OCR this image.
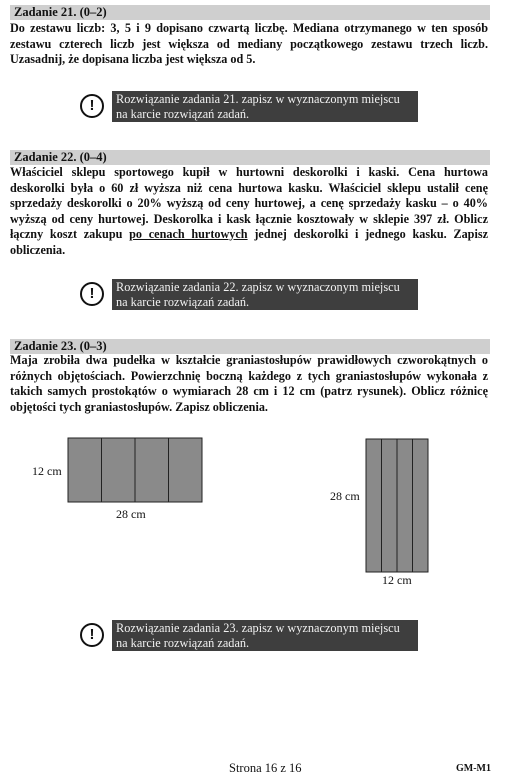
Zadanie 21. (0–2)
Do zestawu liczb: 3, 5 i 9 dopisano czwartą liczbę. Mediana otrzymanego w ten sposób zestawu czterech liczb jest większa od mediany początkowego zestawu trzech liczb. Uzasadnij, że dopisana liczba jest większa od 5.
!	Rozwiązanie zadania 21. zapisz w wyznaczonym miejscu
na karcie rozwiązań zadań.
Zadanie 22. (0–4)
Właściciel sklepu sportowego kupił w hurtowni deskorolki i kaski. Cena hurtowa deskorolki była o 60 zł wyższa niż cena hurtowa kasku. Właściciel sklepu ustalił cenę sprzedaży deskorolki o 20% wyższą od ceny hurtowej, a cenę sprzedaży kasku – o 40% wyższą od ceny hurtowej. Deskorolka i kask łącznie kosztowały w sklepie 397 zł. Oblicz łączny koszt zakupu po cenach hurtowych jednej deskorolki i jednego kasku. Zapisz obliczenia.
!	Rozwiązanie zadania 22. zapisz w wyznaczonym miejscu
na karcie rozwiązań zadań.
Zadanie 23. (0–3)
Maja zrobiła dwa pudełka w kształcie graniastosłupów prawidłowych czworokątnych o różnych objętościach. Powierzchnię boczną każdego z tych graniastosłupów wykonała z takich samych prostokątów o wymiarach 28 cm i 12 cm (patrz rysunek). Oblicz różnicę objętości tych graniastosłupów. Zapisz obliczenia.
12 cm
28 cm
28 cm
12 cm
!	Rozwiązanie zadania 23. zapisz w wyznaczonym miejscu
na karcie rozwiązań zadań.
Strona 16 z 16	GM-M1
